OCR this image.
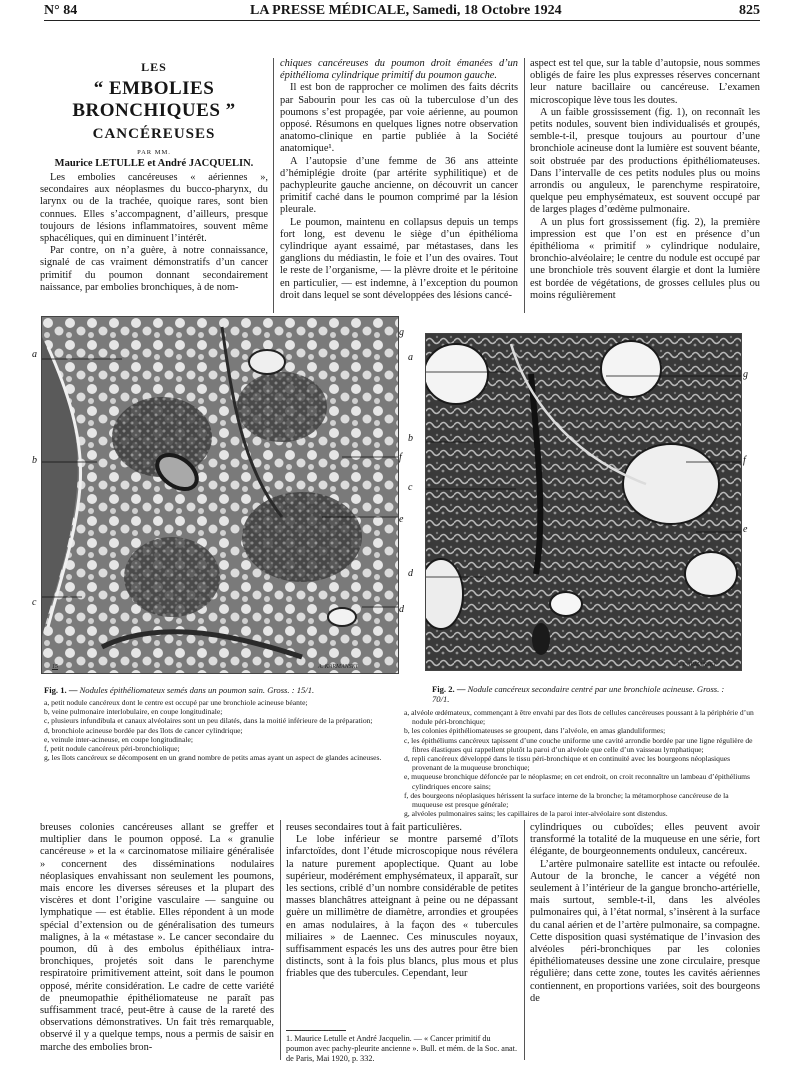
N° 84	LA PRESSE MÉDICALE, Samedi, 18 Octobre 1924	825
LES
“ EMBOLIES BRONCHIQUES ”
CANCÉREUSES
PAR MM.
Maurice LETULLE et André JACQUELIN.

Les embolies cancéreuses « aériennes », secondaires aux néoplasmes du bucco-pharynx, du larynx ou de la trachée, quoique rares, sont bien connues. Elles s’accompagnent, d’ailleurs, presque toujours de lésions inflammatoires, souvent même sphacéliques, qui en diminuent l’intérêt.

Par contre, on n’a guère, à notre connaissance, signalé de cas vraiment démonstratifs d’un cancer primitif du poumon donnant secondairement naissance, par embolies bronchiques, à de nom-

chiques cancéreuses du poumon droit émanées d’un épithélioma cylindrique primitif du poumon gauche.

Il est bon de rapprocher ce molimen des faits décrits par Sabourin pour les cas où la tuberculose d’un des poumons s’est propagée, par voie aérienne, au poumon opposé. Résumons en quelques lignes notre observation anatomo-clinique en partie publiée à la Société anatomique¹.

A l’autopsie d’une femme de 36 ans atteinte d’hémiplégie droite (par artérite syphilitique) et de pachypleurite gauche ancienne, on découvrit un cancer primitif caché dans le poumon comprimé par la lésion pleurale.

Le poumon, maintenu en collapsus depuis un temps fort long, est devenu le siège d’un épithélioma cylindrique ayant essaimé, par métastases, dans les ganglions du médiastin, le foie et l’un des ovaires. Tout le reste de l’organisme, — la plèvre droite et le péritoine en particulier, — est indemne, à l’exception du poumon droit dans lequel se sont développées des lésions cancé-

aspect est tel que, sur la table d’autopsie, nous sommes obligés de faire les plus expresses réserves concernant leur nature bacillaire ou cancéreuse. L’examen microscopique lève tous les doutes.

A un faible grossissement (fig. 1), on reconnaît les petits nodules, souvent bien individualisés et groupés, semble-t-il, presque toujours au pourtour d’une bronchiole acineuse dont la lumière est souvent béante, soit obstruée par des productions épithéliomateuses. Dans l’intervalle de ces petits nodules plus ou moins arrondis ou anguleux, le parenchyme respiratoire, quelque peu emphysémateux, est souvent occupé par de larges plages d’œdème pulmonaire.

A un plus fort grossissement (fig. 2), la première impression est que l’on est en présence d’un épithélioma « primitif » cylindrique nodulaire, bronchio-alvéolaire; le centre du nodule est occupé par une bronchiole très souvent élargie et dont la lumière est bordée de végétations, de grosses cellules plus ou moins régulièrement

a
b
c
g
f
e
d
15	A. KARMANSKI
a
b
c
d
g
f
e
A. KARMANSKI
Fig. 1. — Nodules épithéliomateux semés dans un poumon sain. Gross. : 15/1.
a, petit nodule cancéreux dont le centre est occupé par une bronchiole acineuse béante;
b, veine pulmonaire interlobulaire, en coupe longitudinale;
c, plusieurs infundibula et canaux alvéolaires sont un peu dilatés, dans la moitié inférieure de la préparation;
d, bronchiole acineuse bordée par des îlots de cancer cylindrique;
e, veinule inter-acineuse, en coupe longitudinale;
f, petit nodule cancéreux péri-bronchiolique;
g, les îlots cancéreux se décomposent en un grand nombre de petits amas ayant un aspect de glandes acineuses.
Fig. 2. — Nodule cancéreux secondaire centré par une bronchiole acineuse. Gross. : 70/1.
a, alvéole œdémateux, commençant à être envahi par des îlots de cellules cancéreuses poussant à la périphérie d’un nodule péri-bronchique;
b, les colonies épithéliomateuses se groupent, dans l’alvéole, en amas glanduliformes;
c, les épithéliums cancéreux tapissent d’une couche uniforme une cavité arrondie bordée par une ligne régulière de fibres élastiques qui rappellent plutôt la paroi d’un alvéole que celle d’un vaisseau lymphatique;
d, repli cancéreux développé dans le tissu péri-bronchique et en continuité avec les bourgeons néoplasiques provenant de la muqueuse bronchique;
e, muqueuse bronchique défoncée par le néoplasme; en cet endroit, on croit reconnaître un lambeau d’épithéliums cylindriques encore sains;
f, des bourgeons néoplasiques hérissent la surface interne de la bronche; la métamorphose cancéreuse de la muqueuse est presque générale;
g, alvéoles pulmonaires sains; les capillaires de la paroi inter-alvéolaire sont distendus.

breuses colonies cancéreuses allant se greffer et multiplier dans le poumon opposé. La « granulie cancéreuse » et la « carcinomatose miliaire généralisée » concernent des disséminations nodulaires néoplasiques envahissant non seulement les poumons, mais encore les diverses séreuses et la plupart des viscères et dont l’origine vasculaire — sanguine ou lymphatique — est établie. Elles répondent à un mode spécial d’extension ou de généralisation des tumeurs malignes, à la « métastase ». Le cancer secondaire du poumon, dû à des embolus épithéliaux intra-bronchiques, projetés soit dans le parenchyme respiratoire primitivement atteint, soit dans le poumon opposé, mérite considération. Le cadre de cette variété de pneumopathie épithéliomateuse ne paraît pas suffisamment tracé, peut-être à cause de la rareté des observations démonstratives. Un fait très remarquable, observé il y a quelque temps, nous a permis de saisir en marche des embolies bron-

reuses secondaires tout à fait particulières.

Le lobe inférieur se montre parsemé d’îlots infarctoïdes, dont l’étude microscopique nous révélera la nature purement apoplectique. Quant au lobe supérieur, modérément emphysémateux, il apparaît, sur les sections, criblé d’un nombre considérable de petites masses blanchâtres atteignant à peine ou ne dépassant guère un millimètre de diamètre, arrondies et groupées en amas nodulaires, à la façon des « tubercules miliaires » de Laennec. Ces minuscules noyaux, suffisamment espacés les uns des autres pour être bien distincts, sont à la fois plus blancs, plus mous et plus friables que des tubercules. Cependant, leur

1. Maurice Letulle et André Jacquelin. — « Cancer primitif du poumon avec pachy-pleurite ancienne ». Bull. et mém. de la Soc. anat. de Paris, Mai 1920, p. 332.

cylindriques ou cuboïdes; elles peuvent avoir transformé la totalité de la muqueuse en une série, fort élégante, de bourgeonnements onduleux, cancéreux.

L’artère pulmonaire satellite est intacte ou refoulée. Autour de la bronche, le cancer a végété non seulement à l’intérieur de la gangue broncho-artérielle, mais surtout, semble-t-il, dans les alvéoles pulmonaires qui, à l’état normal, s’insèrent à la surface du canal aérien et de l’artère pulmonaire, sa compagne. Cette disposition quasi systématique de l’invasion des alvéoles péri-bronchiques par les colonies épithéliomateuses dessine une zone circulaire, presque régulière; dans cette zone, toutes les cavités aériennes contiennent, en proportions variées, soit des bourgeons de
